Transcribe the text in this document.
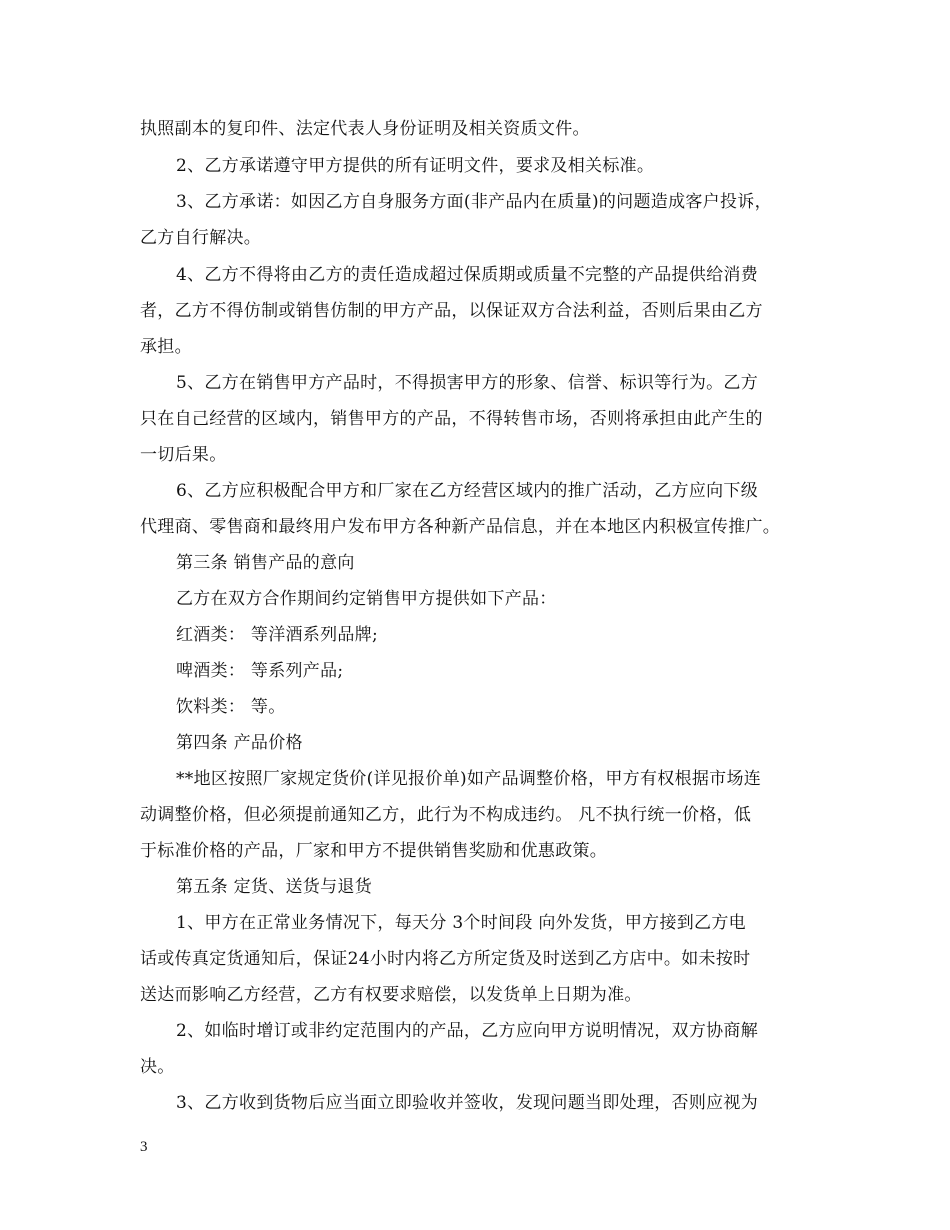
执照副本的复印件、法定代表人身份证明及相关资质文件。
2、乙方承诺遵守甲方提供的所有证明文件，要求及相关标准。
3、乙方承诺：如因乙方自身服务方面(非产品内在质量)的问题造成客户投诉，
乙方自行解决。
4、乙方不得将由乙方的责任造成超过保质期或质量不完整的产品提供给消费
者，乙方不得仿制或销售仿制的甲方产品，以保证双方合法利益，否则后果由乙方
承担。
5、乙方在销售甲方产品时，不得损害甲方的形象、信誉、标识等行为。乙方
只在自己经营的区域内，销售甲方的产品，不得转售市场，否则将承担由此产生的
一切后果。
6、乙方应积极配合甲方和厂家在乙方经营区域内的推广活动，乙方应向下级
代理商、零售商和最终用户发布甲方各种新产品信息，并在本地区内积极宣传推广。
第三条 销售产品的意向
乙方在双方合作期间约定销售甲方提供如下产品：
红酒类： 等洋酒系列品牌;
啤酒类： 等系列产品;
饮料类： 等。
第四条 产品价格
**地区按照厂家规定货价(详见报价单)如产品调整价格，甲方有权根据市场连
动调整价格，但必须提前通知乙方，此行为不构成违约。 凡不执行统一价格，低
于标准价格的产品，厂家和甲方不提供销售奖励和优惠政策。
第五条 定货、送货与退货
1、甲方在正常业务情况下，每天分 3个时间段 向外发货，甲方接到乙方电
话或传真定货通知后，保证24小时内将乙方所定货及时送到乙方店中。如未按时
送达而影响乙方经营，乙方有权要求赔偿，以发货单上日期为准。
2、如临时增订或非约定范围内的产品，乙方应向甲方说明情况，双方协商解
决。
3、乙方收到货物后应当面立即验收并签收，发现问题当即处理，否则应视为
3
